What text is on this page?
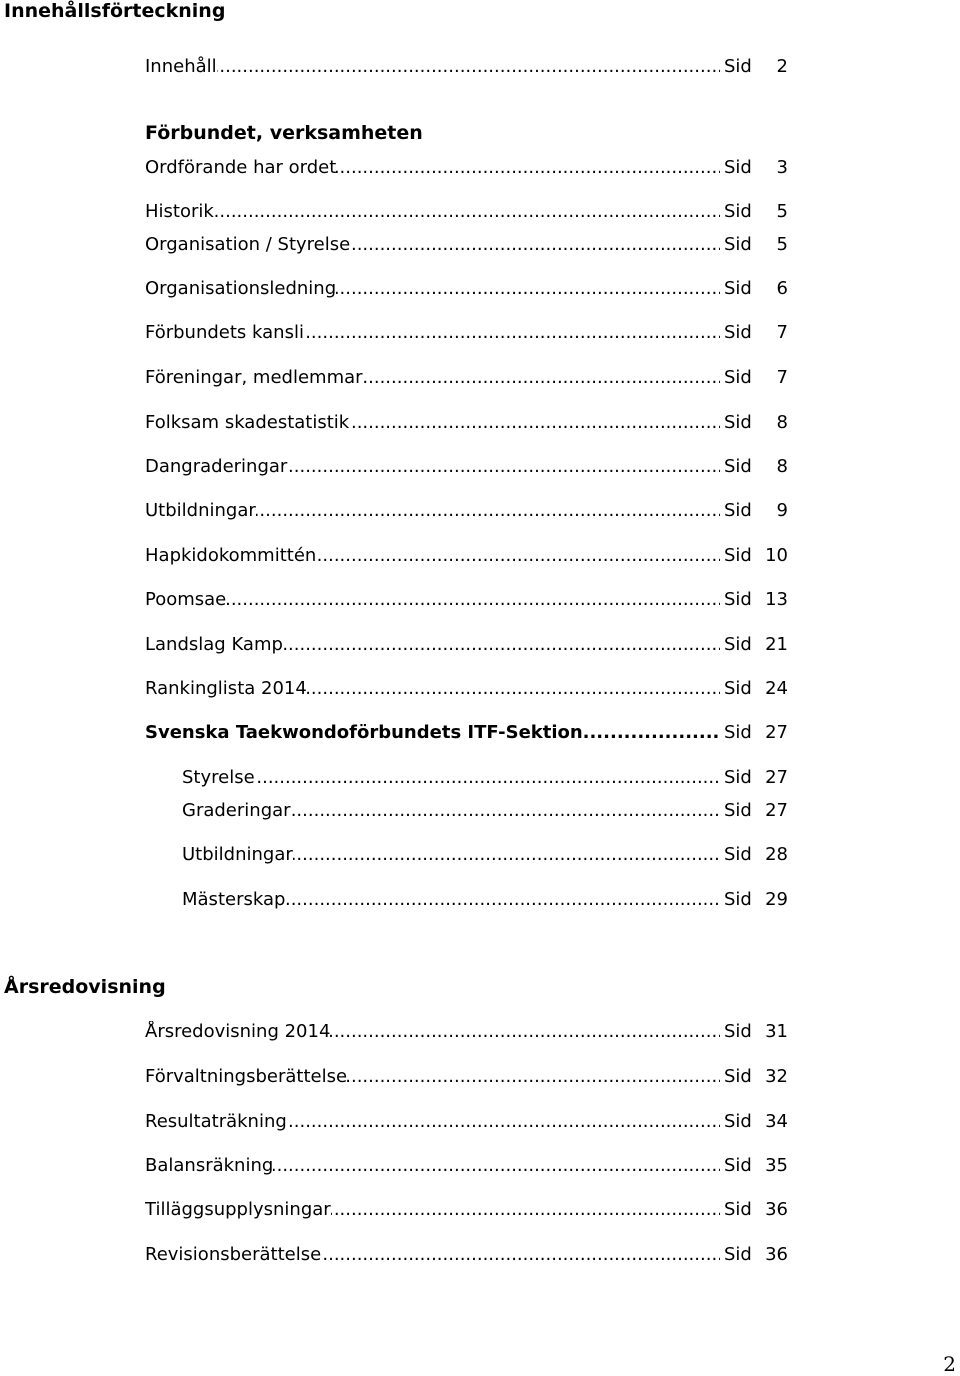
Innehållsförteckning
Förbundet, verksamheten
Årsredovisning
Innehåll .....	Sid	2
Ordförande har ordet .....	Sid	3
Historik .....	Sid	5
Organisation / Styrelse .....	Sid	5
Organisationsledning .....	Sid	6
Förbundets kansli .....	Sid	7
Föreningar, medlemmar .....	Sid	7
Folksam skadestatistik .....	Sid	8
Dangraderingar .....	Sid	8
Utbildningar .....	Sid	9
Hapkidokommittén .....	Sid 10
Poomsae .....	Sid 13
Landslag Kamp .....	Sid 21
Rankinglista 2014 .....	Sid 24
Svenska Taekwondoförbundets ITF-Sektion .....	Sid 27
Styrelse .....	Sid 27
Graderingar .....	Sid 27
Utbildningar .....	Sid 28
Mästerskap .....	Sid 29
Årsredovisning 2014 .....	Sid 31
Förvaltningsberättelse .....	Sid 32
Resultaträkning .....	Sid 34
Balansräkning .....	Sid 35
Tilläggsupplysningar .....	Sid 36
Revisionsberättelse .....	Sid 36
2
